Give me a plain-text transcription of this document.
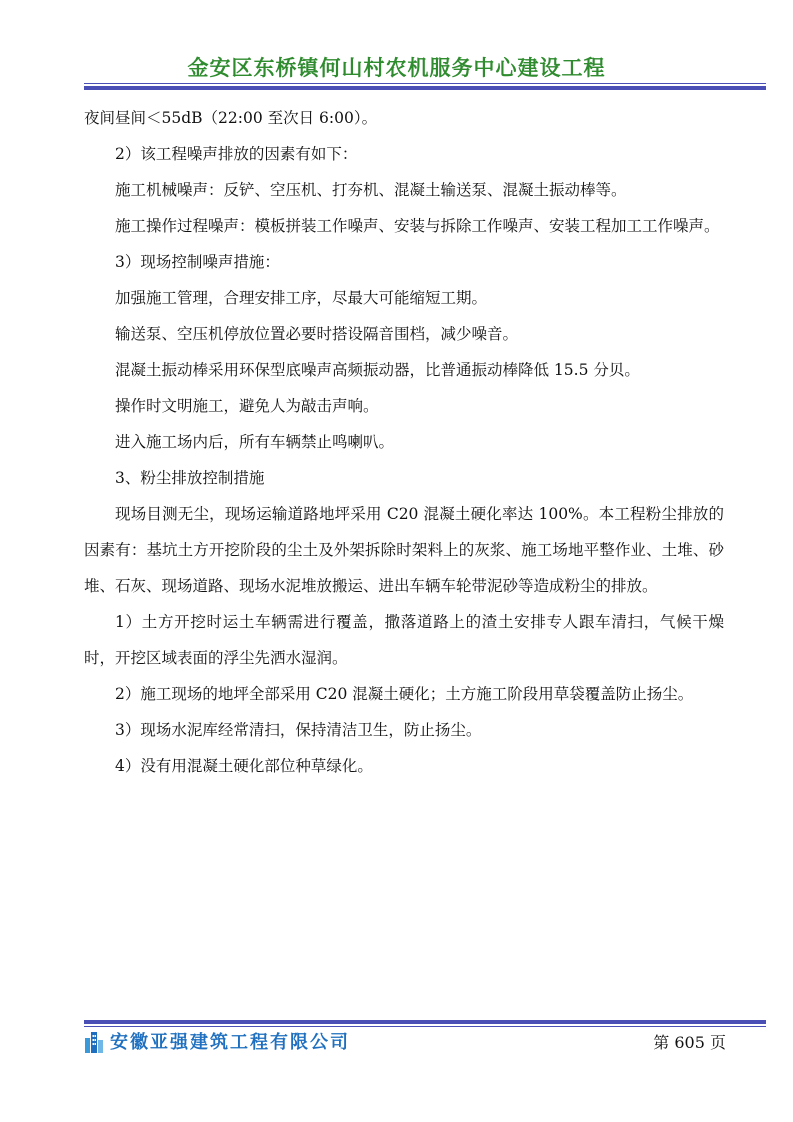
金安区东桥镇何山村农机服务中心建设工程

夜间昼间＜55dB（22:00 至次日 6:00）。

2）该工程噪声排放的因素有如下：

施工机械噪声：反铲、空压机、打夯机、混凝土输送泵、混凝土振动棒等。

施工操作过程噪声：模板拼装工作噪声、安装与拆除工作噪声、安装工程加工工作噪声。

3）现场控制噪声措施：

加强施工管理，合理安排工序，尽最大可能缩短工期。

输送泵、空压机停放位置必要时搭设隔音围档，减少噪音。

混凝土振动棒采用环保型底噪声高频振动器，比普通振动棒降低 15.5 分贝。

操作时文明施工，避免人为敲击声响。

进入施工场内后，所有车辆禁止鸣喇叭。

3、粉尘排放控制措施

现场目测无尘，现场运输道路地坪采用 C20 混凝土硬化率达 100%。本工程粉尘排放的因素有：基坑土方开挖阶段的尘土及外架拆除时架料上的灰浆、施工场地平整作业、土堆、砂堆、石灰、现场道路、现场水泥堆放搬运、进出车辆车轮带泥砂等造成粉尘的排放。

1）土方开挖时运土车辆需进行覆盖，撒落道路上的渣土安排专人跟车清扫，气候干燥时，开挖区域表面的浮尘先洒水湿润。

2）施工现场的地坪全部采用 C20 混凝土硬化；土方施工阶段用草袋覆盖防止扬尘。

3）现场水泥库经常清扫，保持清洁卫生，防止扬尘。

4）没有用混凝土硬化部位种草绿化。

安徽亚强建筑工程有限公司	第 605 页
